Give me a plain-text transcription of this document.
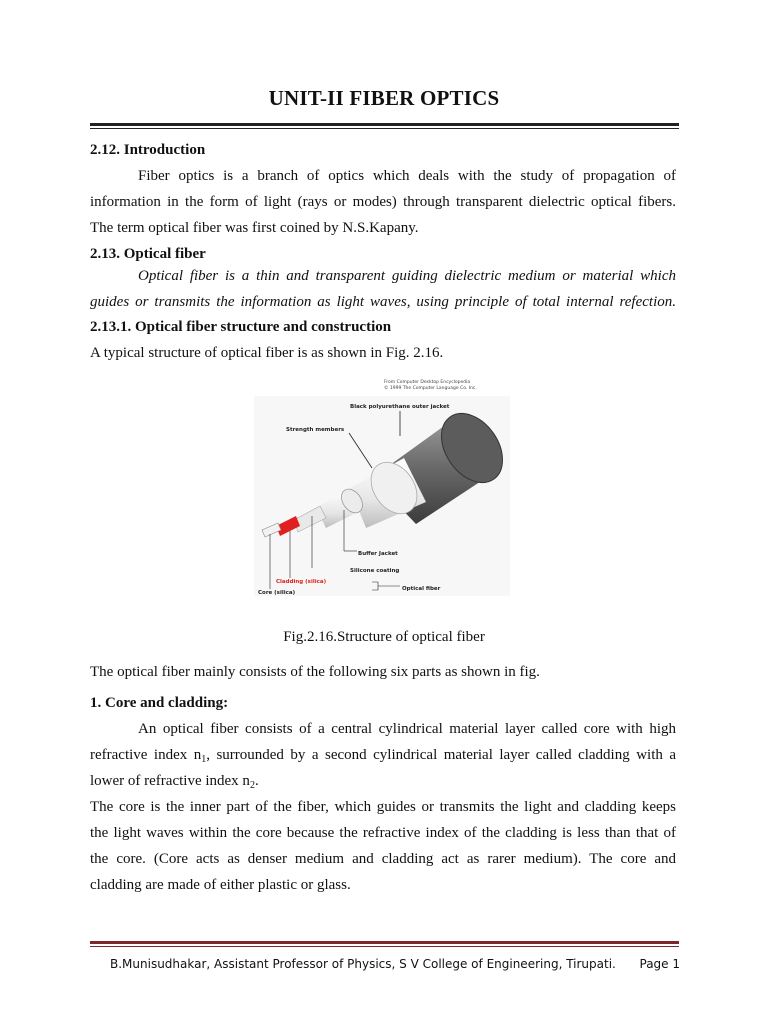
UNIT-II FIBER OPTICS
2.12. Introduction
Fiber optics is a branch of optics which deals with the study of propagation of
information in the form of light (rays or modes) through transparent dielectric optical fibers.
The term optical fiber was first coined by N.S.Kapany.
2.13. Optical fiber
Optical fiber is a thin and transparent guiding dielectric medium or material which
guides or transmits the information as light waves, using principle of total internal refection.
2.13.1. Optical fiber structure and construction
A typical structure of optical fiber is as shown in Fig. 2.16.
From Computer Desktop Encyclopedia
© 1999 The Computer Language Co. Inc.
Black polyurethane outer jacket
Strength members
Buffer Jacket
Silicone coating
Cladding (silica)
Core (silica)
Optical fiber
Fig.2.16.Structure of optical fiber
The optical fiber mainly consists of the following six parts as shown in fig.
1. Core and cladding:
An optical fiber consists of a central cylindrical material layer called core with high
refractive index $n_1$, surrounded by a second cylindrical material layer called cladding with a
lower of refractive index $n_2$.
The core is the inner part of the fiber, which guides or transmits the light and cladding keeps
the light waves within the core because the refractive index of the cladding is less than that of
the core. (Core acts as denser medium and cladding act as rarer medium). The core and
cladding are made of either plastic or glass.
B.Munisudhakar, Assistant Professor of Physics, S V College of Engineering, Tirupati. Page 1
